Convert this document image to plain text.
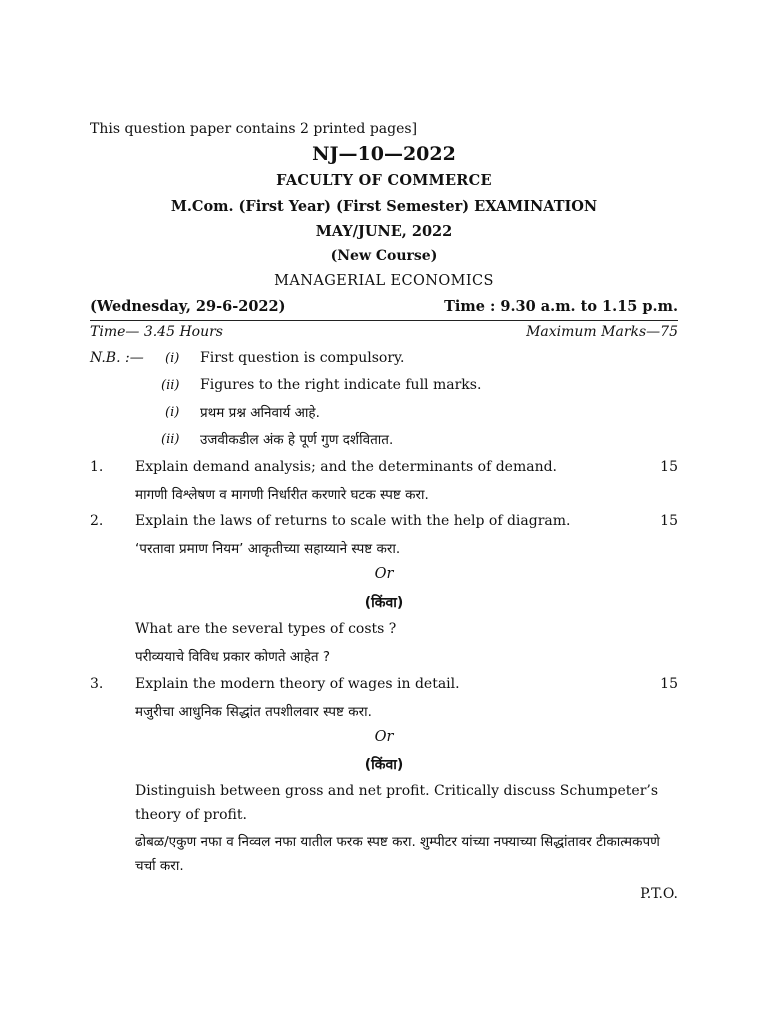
This question paper contains 2 printed pages]
NJ—10—2022
FACULTY OF COMMERCE
M.Com. (First Year) (First Semester) EXAMINATION
MAY/JUNE, 2022
(New Course)
MANAGERIAL ECONOMICS
(Wednesday, 29-6-2022)	Time : 9.30 a.m. to 1.15 p.m.
Time— 3.45 Hours	Maximum Marks—75
N.B. :— (i) First question is compulsory.
(ii) Figures to the right indicate full marks.
(i) प्रथम प्रश्न अनिवार्य आहे.
(ii) उजवीकडील अंक हे पूर्ण गुण दर्शवितात.
1. Explain demand analysis; and the determinants of demand.	15
मागणी विश्लेषण व मागणी निर्धारीत करणारे घटक स्पष्ट करा.
2. Explain the laws of returns to scale with the help of diagram.	15
‘परतावा प्रमाण नियम’ आकृतीच्या सहाय्याने स्पष्ट करा.
Or
(किंवा)
What are the several types of costs ?
परीव्ययाचे विविध प्रकार कोणते आहेत ?
3. Explain the modern theory of wages in detail.	15
मजुरीचा आधुनिक सिद्धांत तपशीलवार स्पष्ट करा.
Or
(किंवा)
Distinguish between gross and net profit. Critically discuss Schumpeter’s theory of profit.
ढोबळ/एकुण नफा व निव्वल नफा यातील फरक स्पष्ट करा. शुम्पीटर यांच्या नफ्याच्या सिद्धांतावर टीकात्मकपणे चर्चा करा.
P.T.O.
